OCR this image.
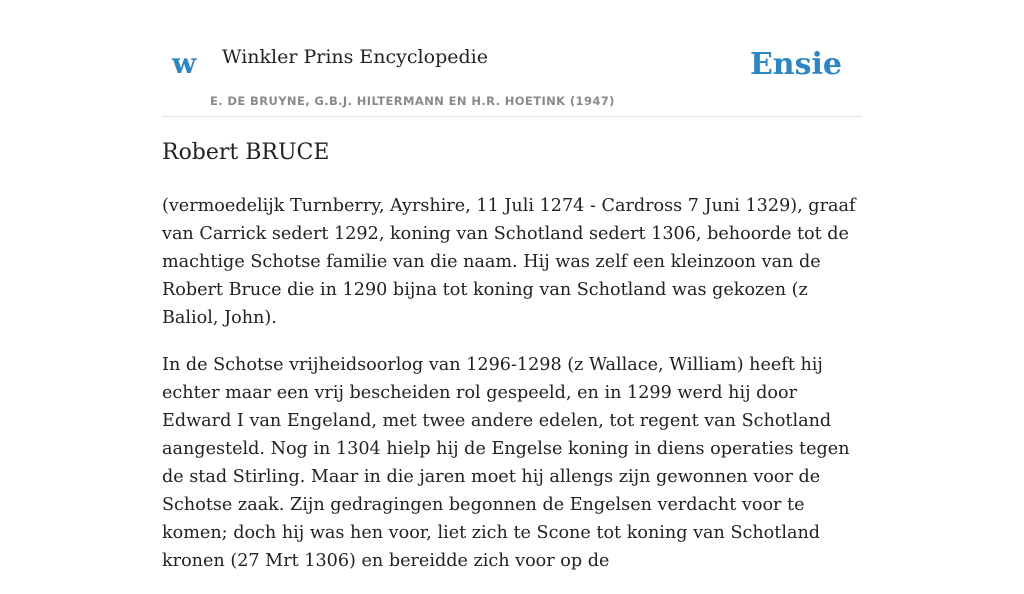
w Winkler Prins Encyclopedie
E. DE BRUYNE, G.B.J. HILTERMANN EN H.R. HOETINK (1947)
Ensie
Robert BRUCE

(vermoedelijk Turnberry, Ayrshire, 11 Juli 1274 - Cardross 7 Juni 1329), graaf van Carrick sedert 1292, koning van Schotland sedert 1306, behoorde tot de machtige Schotse familie van die naam. Hij was zelf een kleinzoon van de Robert Bruce die in 1290 bijna tot koning van Schotland was gekozen (z Baliol, John).

In de Schotse vrijheidsoorlog van 1296-1298 (z Wallace, William) heeft hij echter maar een vrij bescheiden rol gespeeld, en in 1299 werd hij door Edward I van Engeland, met twee andere edelen, tot regent van Schotland aangesteld. Nog in 1304 hielp hij de Engelse koning in diens operaties tegen de stad Stirling. Maar in die jaren moet hij allengs zijn gewonnen voor de Schotse zaak. Zijn gedragingen begonnen de Engelsen verdacht voor te komen; doch hij was hen voor, liet zich te Scone tot koning van Schotland kronen (27 Mrt 1306) en bereidde zich voor op de
